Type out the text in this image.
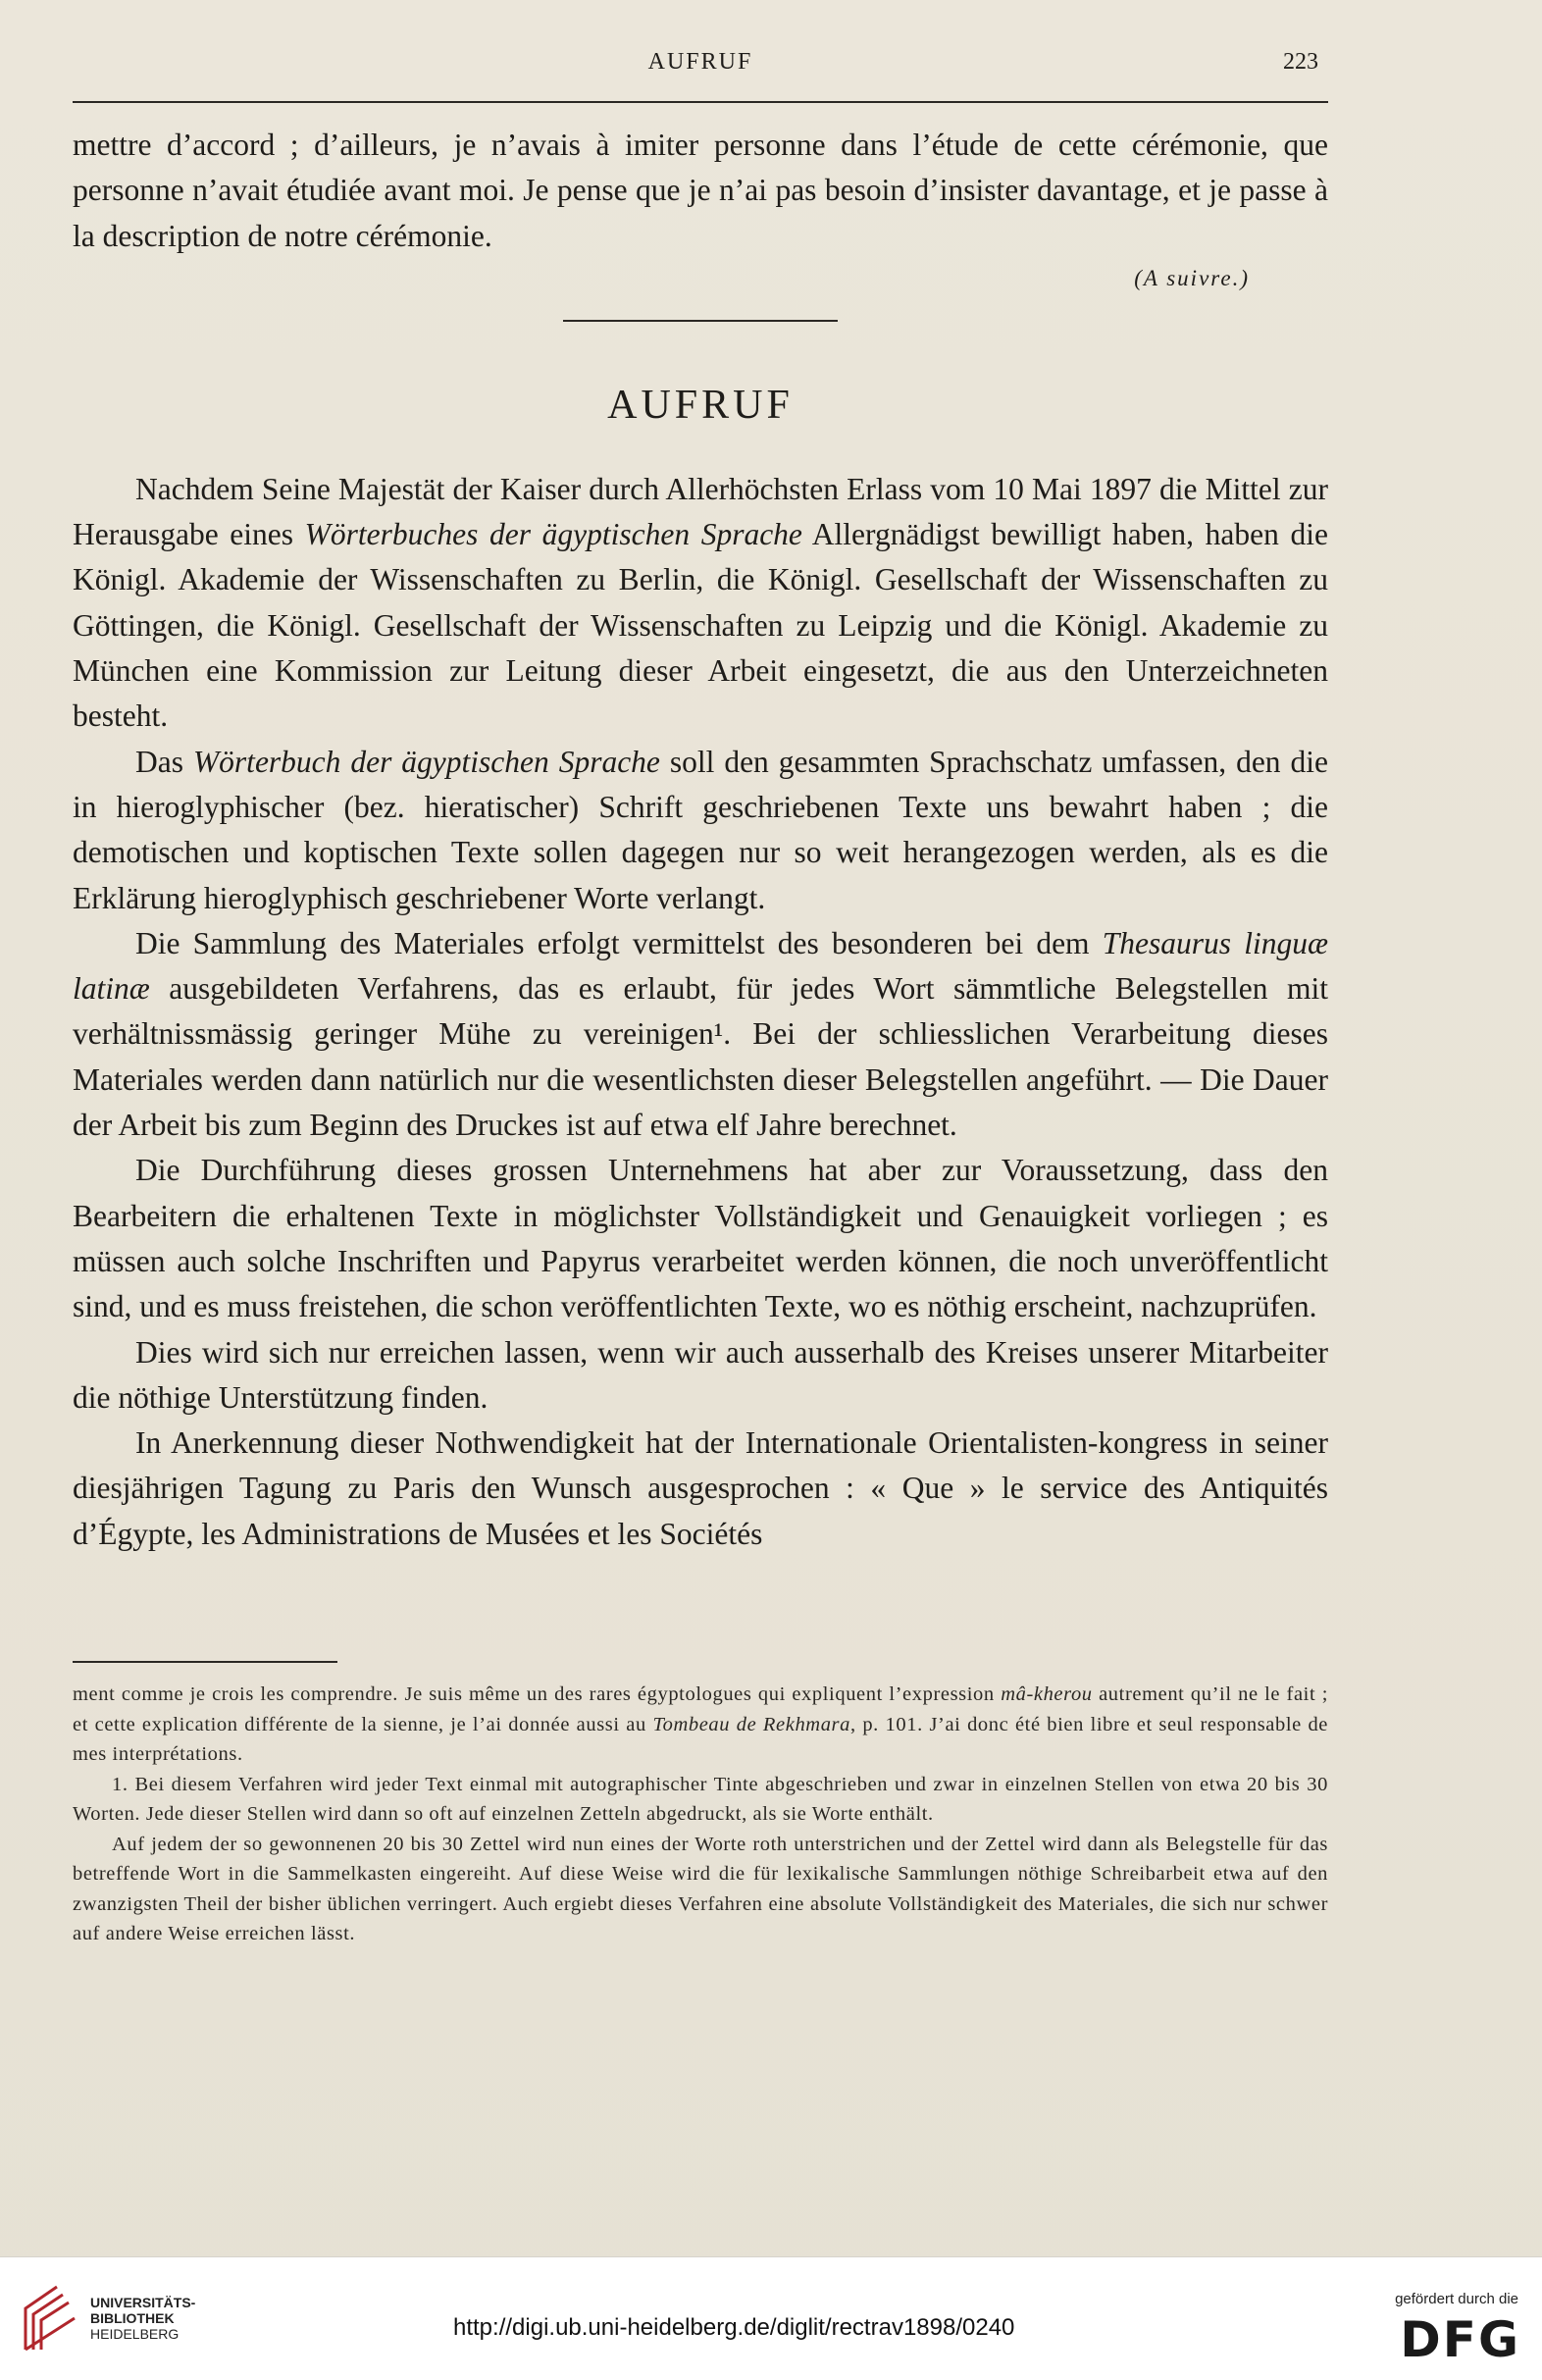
AUFRUF	223

mettre d’accord ; d’ailleurs, je n’avais à imiter personne dans l’étude de cette cérémonie, que personne n’avait étudiée avant moi. Je pense que je n’ai pas besoin d’insister davantage, et je passe à la description de notre cérémonie.

(A suivre.)
AUFRUF

Nachdem Seine Majestät der Kaiser durch Allerhöchsten Erlass vom 10 Mai 1897 die Mittel zur Herausgabe eines Wörterbuches der ägyptischen Sprache Allergnädigst bewilligt haben, haben die Königl. Akademie der Wissenschaften zu Berlin, die Königl. Gesellschaft der Wissenschaften zu Göttingen, die Königl. Gesellschaft der Wissenschaften zu Leipzig und die Königl. Akademie zu München eine Kommission zur Leitung dieser Arbeit eingesetzt, die aus den Unterzeichneten besteht.

Das Wörterbuch der ägyptischen Sprache soll den gesammten Sprachschatz umfassen, den die in hieroglyphischer (bez. hieratischer) Schrift geschriebenen Texte uns bewahrt haben ; die demotischen und koptischen Texte sollen dagegen nur so weit herangezogen werden, als es die Erklärung hieroglyphisch geschriebener Worte verlangt.

Die Sammlung des Materiales erfolgt vermittelst des besonderen bei dem Thesaurus linguæ latinæ ausgebildeten Verfahrens, das es erlaubt, für jedes Wort sämmtliche Belegstellen mit verhältnissmässig geringer Mühe zu vereinigen¹. Bei der schliesslichen Verarbeitung dieses Materiales werden dann natürlich nur die wesentlichsten dieser Belegstellen angeführt. — Die Dauer der Arbeit bis zum Beginn des Druckes ist auf etwa elf Jahre berechnet.

Die Durchführung dieses grossen Unternehmens hat aber zur Voraussetzung, dass den Bearbeitern die erhaltenen Texte in möglichster Vollständigkeit und Genauigkeit vorliegen ; es müssen auch solche Inschriften und Papyrus verarbeitet werden können, die noch unveröffentlicht sind, und es muss freistehen, die schon veröffentlichten Texte, wo es nöthig erscheint, nachzuprüfen.

Dies wird sich nur erreichen lassen, wenn wir auch ausserhalb des Kreises unserer Mitarbeiter die nöthige Unterstützung finden.

In Anerkennung dieser Nothwendigkeit hat der Internationale Orientalisten-kongress in seiner diesjährigen Tagung zu Paris den Wunsch ausgesprochen : « Que » le service des Antiquités d’Égypte, les Administrations de Musées et les Sociétés

ment comme je crois les comprendre. Je suis même un des rares égyptologues qui expliquent l’expression mâ-kherou autrement qu’il ne le fait ; et cette explication différente de la sienne, je l’ai donnée aussi au Tombeau de Rekhmara, p. 101. J’ai donc été bien libre et seul responsable de mes interprétations.

1. Bei diesem Verfahren wird jeder Text einmal mit autographischer Tinte abgeschrieben und zwar in einzelnen Stellen von etwa 20 bis 30 Worten. Jede dieser Stellen wird dann so oft auf einzelnen Zetteln abgedruckt, als sie Worte enthält.

Auf jedem der so gewonnenen 20 bis 30 Zettel wird nun eines der Worte roth unterstrichen und der Zettel wird dann als Belegstelle für das betreffende Wort in die Sammelkasten eingereiht. Auf diese Weise wird die für lexikalische Sammlungen nöthige Schreibarbeit etwa auf den zwanzigsten Theil der bisher üblichen verringert. Auch ergiebt dieses Verfahren eine absolute Vollständigkeit des Materiales, die sich nur schwer auf andere Weise erreichen lässt.

UNIVERSITÄTS-
BIBLIOTHEK
HEIDELBERG	http://digi.ub.uni-heidelberg.de/diglit/rectrav1898/0240
gefördert durch die
DFG
